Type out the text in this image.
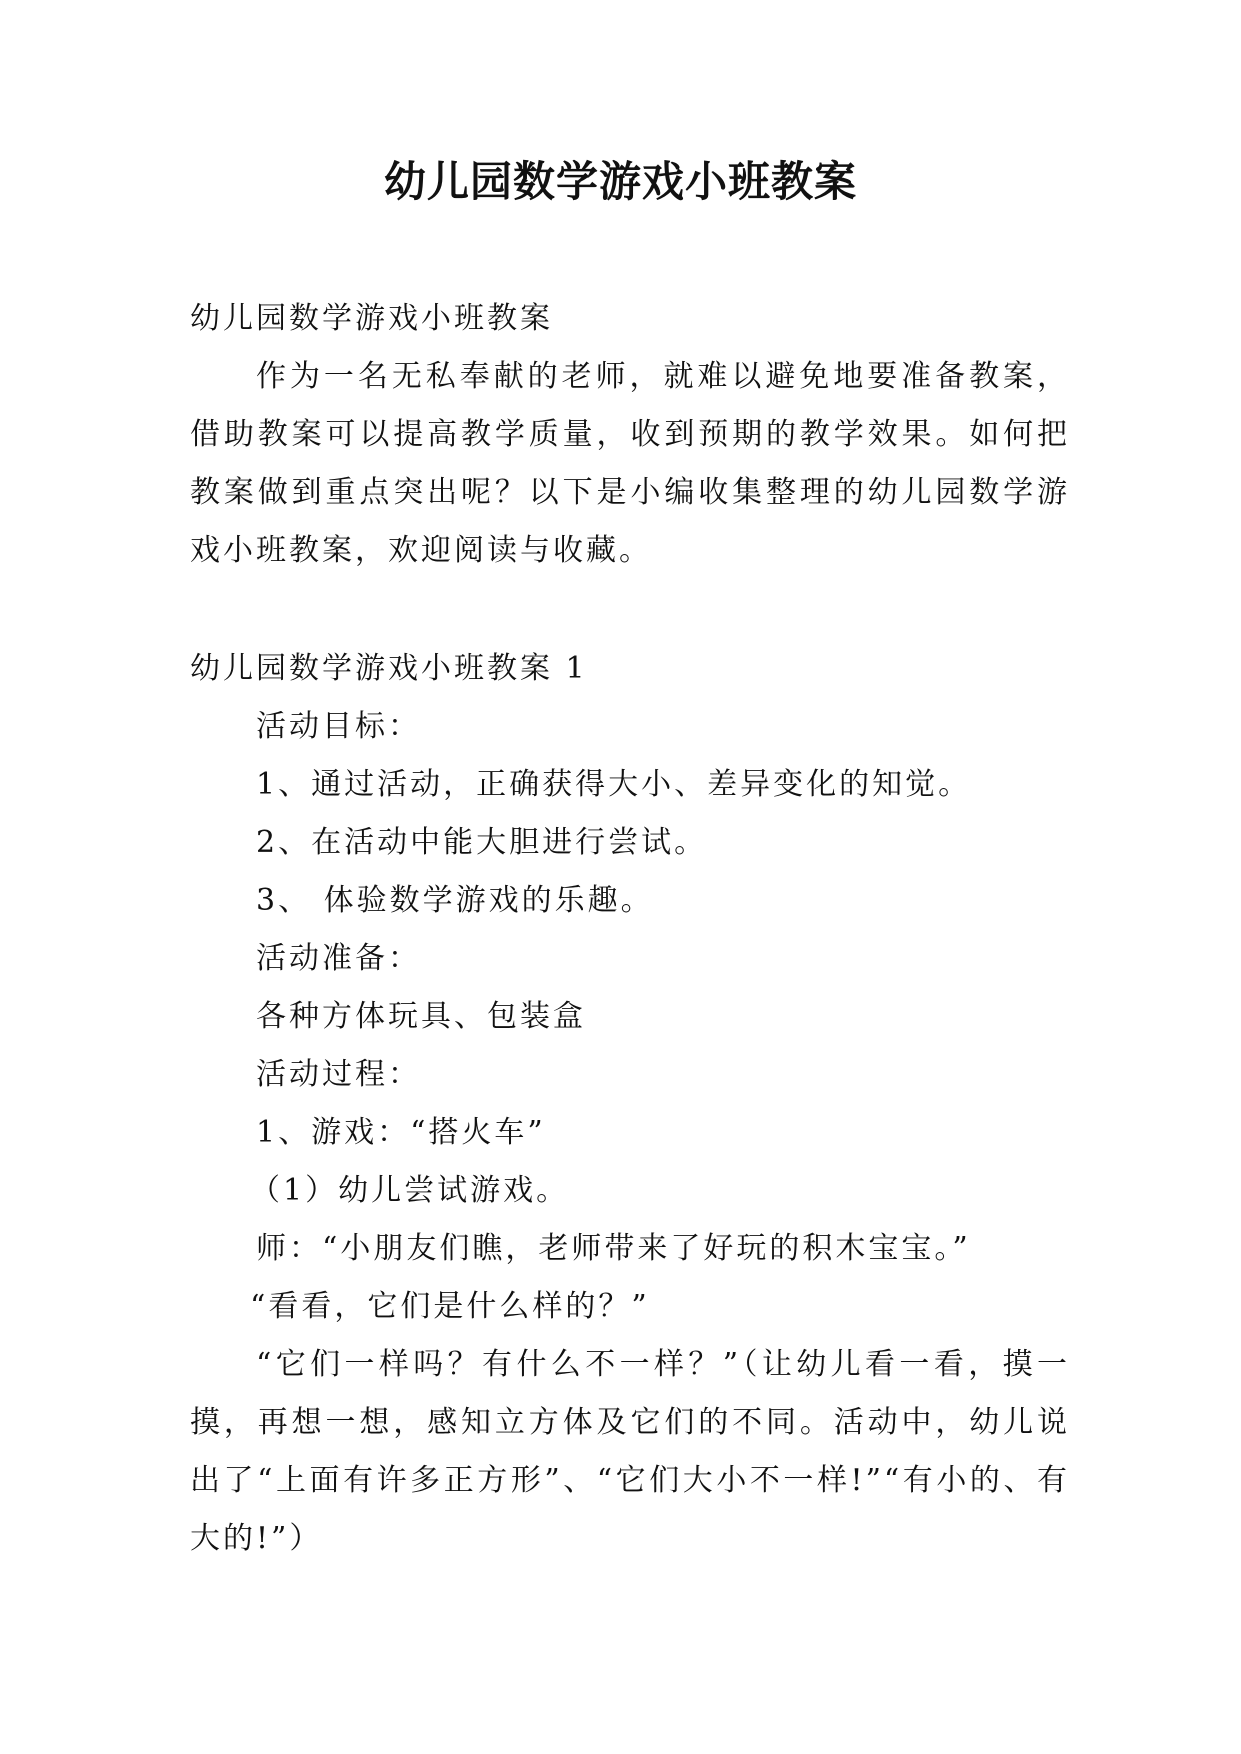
幼儿园数学游戏小班教案

幼儿园数学游戏小班教案

作为一名无私奉献的老师，就难以避免地要准备教案，借助教案可以提高教学质量，收到预期的教学效果。如何把教案做到重点突出呢？以下是小编收集整理的幼儿园数学游戏小班教案，欢迎阅读与收藏。

幼儿园数学游戏小班教案 1

活动目标：

1、通过活动，正确获得大小、差异变化的知觉。

2、在活动中能大胆进行尝试。

3、 体验数学游戏的乐趣。

活动准备：

各种方体玩具、包装盒

活动过程：

1、游戏：“搭火车”

（1）幼儿尝试游戏。

师：“小朋友们瞧，老师带来了好玩的积木宝宝。”

“看看，它们是什么样的？”

“它们一样吗？有什么不一样？”（让幼儿看一看，摸一摸，再想一想，感知立方体及它们的不同。活动中，幼儿说出了“上面有许多正方形”、“它们大小不一样!”“有小的、有大的!”）
